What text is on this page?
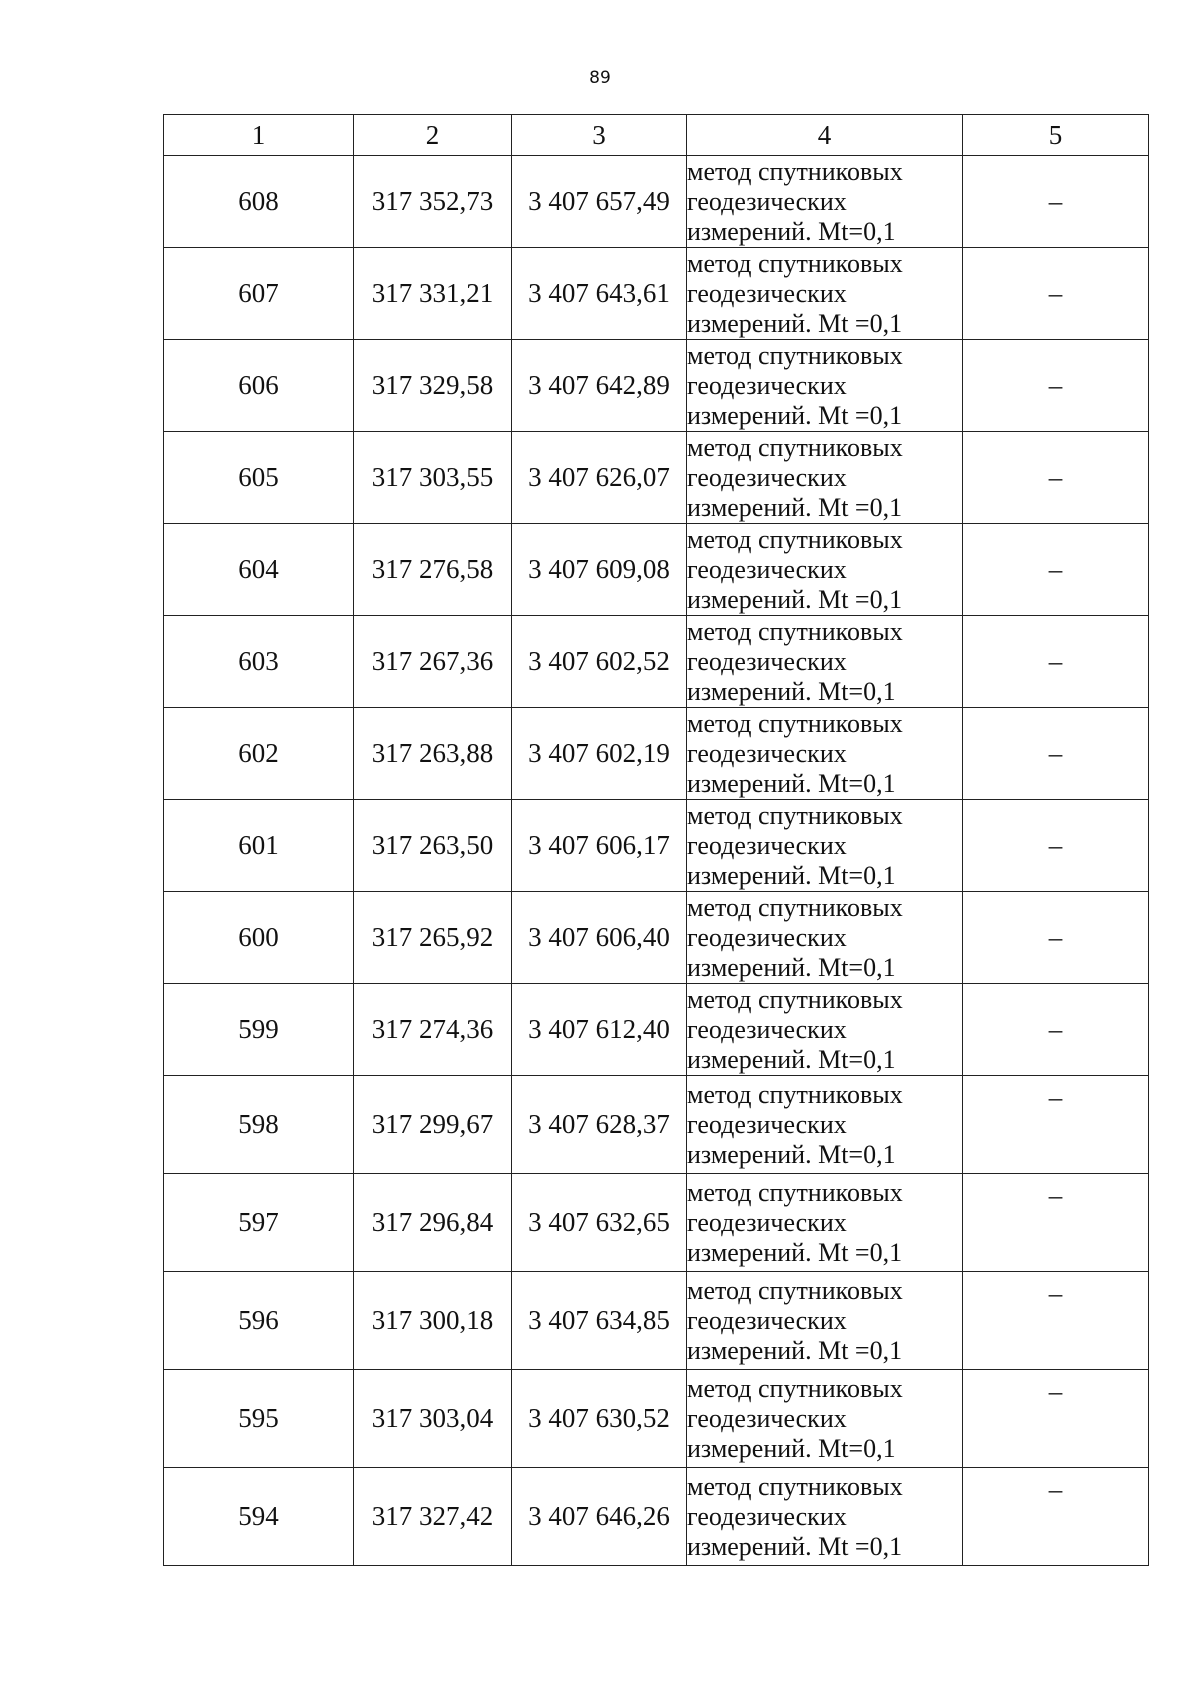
89
1	2	3	4	5
608	317 352,73	3 407 657,49	метод спутниковых
геодезических
измерений. Mt=0,1	–
607	317 331,21	3 407 643,61	метод спутниковых
геодезических
измерений. Mt =0,1	–
606	317 329,58	3 407 642,89	метод спутниковых
геодезических
измерений. Mt =0,1	–
605	317 303,55	3 407 626,07	метод спутниковых
геодезических
измерений. Mt =0,1	–
604	317 276,58	3 407 609,08	метод спутниковых
геодезических
измерений. Mt =0,1	–
603	317 267,36	3 407 602,52	метод спутниковых
геодезических
измерений. Mt=0,1	–
602	317 263,88	3 407 602,19	метод спутниковых
геодезических
измерений. Mt=0,1	–
601	317 263,50	3 407 606,17	метод спутниковых
геодезических
измерений. Mt=0,1	–
600	317 265,92	3 407 606,40	метод спутниковых
геодезических
измерений. Mt=0,1	–
599	317 274,36	3 407 612,40	метод спутниковых
геодезических
измерений. Mt=0,1	–
598	317 299,67	3 407 628,37	метод спутниковых
геодезических
измерений. Mt=0,1	–
597	317 296,84	3 407 632,65	метод спутниковых
геодезических
измерений. Mt =0,1	–
596	317 300,18	3 407 634,85	метод спутниковых
геодезических
измерений. Mt =0,1	–
595	317 303,04	3 407 630,52	метод спутниковых
геодезических
измерений. Mt=0,1	–
594	317 327,42	3 407 646,26	метод спутниковых
геодезических
измерений. Mt =0,1	–
